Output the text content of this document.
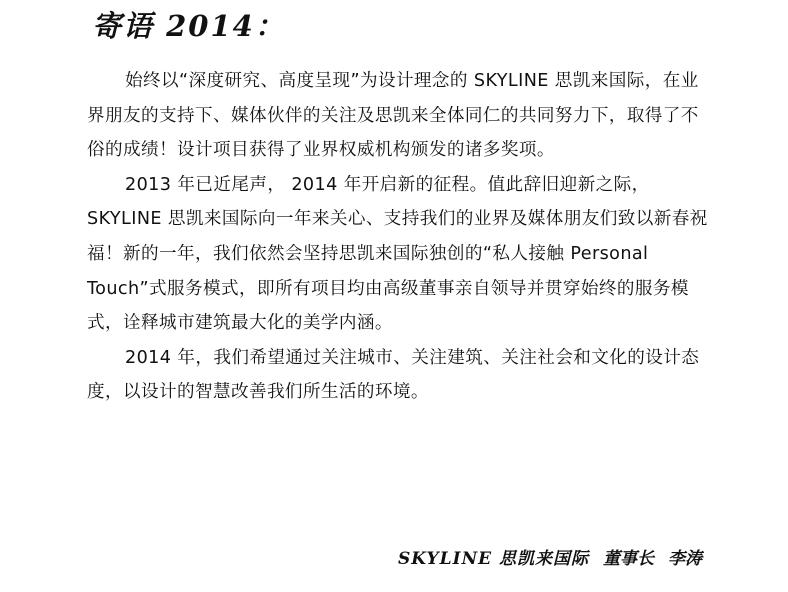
寄语 2014：

始终以“深度研究、高度呈现”为设计理念的 SKYLINE 思凯来国际，在业界朋友的支持下、媒体伙伴的关注及思凯来全体同仁的共同努力下，取得了不俗的成绩！设计项目获得了业界权威机构颁发的诸多奖项。

2013 年已近尾声， 2014 年开启新的征程。值此辞旧迎新之际，SKYLINE 思凯来国际向一年来关心、支持我们的业界及媒体朋友们致以新春祝福！新的一年，我们依然会坚持思凯来国际独创的“私人接触 Personal Touch”式服务模式，即所有项目均由高级董事亲自领导并贯穿始终的服务模式，诠释城市建筑最大化的美学内涵。

2014 年，我们希望通过关注城市、关注建筑、关注社会和文化的设计态度，以设计的智慧改善我们所生活的环境。

SKYLINE 思凯来国际 董事长 李涛
